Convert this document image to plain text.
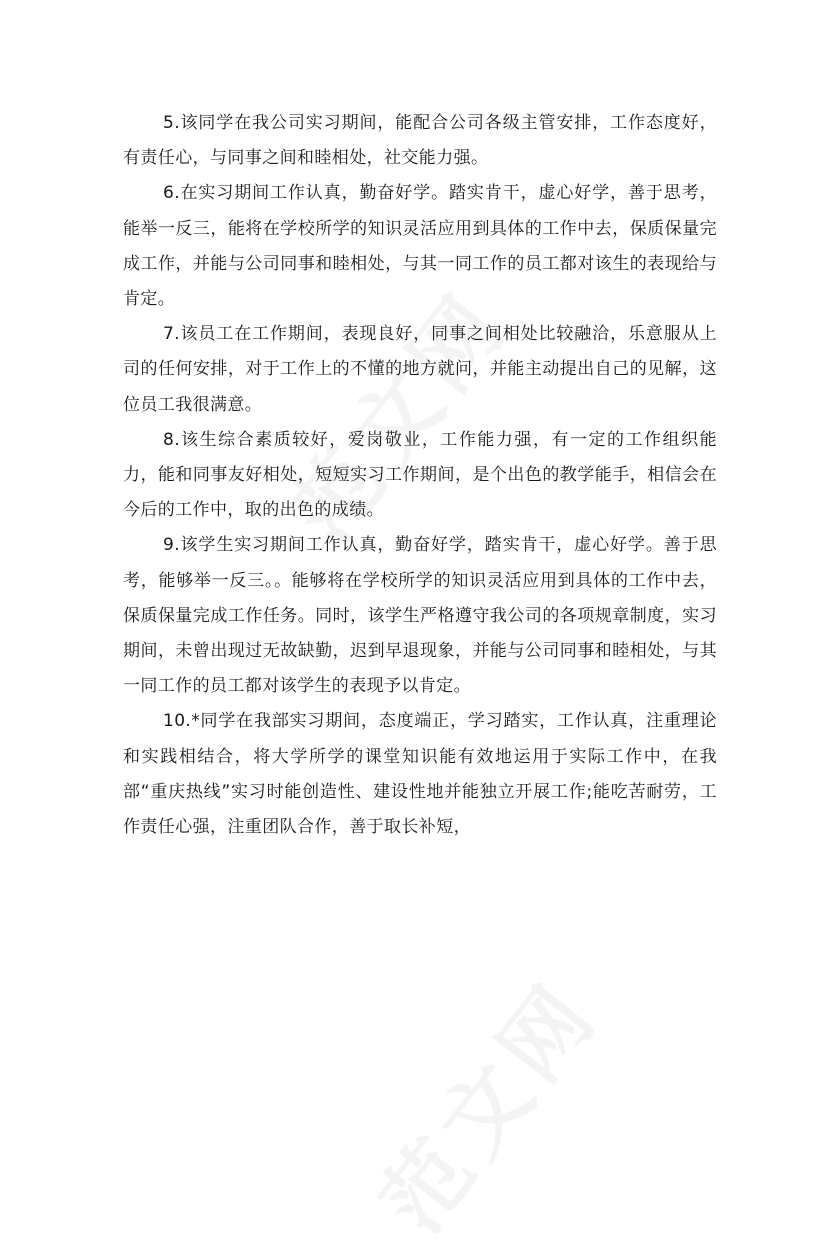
5.该同学在我公司实习期间，能配合公司各级主管安排，工作态度好，有责任心，与同事之间和睦相处，社交能力强。

6.在实习期间工作认真，勤奋好学。踏实肯干，虚心好学，善于思考，能举一反三，能将在学校所学的知识灵活应用到具体的工作中去，保质保量完成工作，并能与公司同事和睦相处，与其一同工作的员工都对该生的表现给与肯定。

7.该员工在工作期间，表现良好，同事之间相处比较融洽，乐意服从上司的任何安排，对于工作上的不懂的地方就问，并能主动提出自己的见解，这位员工我很满意。

8.该生综合素质较好，爱岗敬业，工作能力强，有一定的工作组织能力，能和同事友好相处，短短实习工作期间，是个出色的教学能手，相信会在今后的工作中，取的出色的成绩。

9.该学生实习期间工作认真，勤奋好学，踏实肯干，虚心好学。善于思考，能够举一反三。。能够将在学校所学的知识灵活应用到具体的工作中去，保质保量完成工作任务。同时，该学生严格遵守我公司的各项规章制度，实习期间，未曾出现过无故缺勤，迟到早退现象，并能与公司同事和睦相处，与其一同工作的员工都对该学生的表现予以肯定。

10.*同学在我部实习期间，态度端正，学习踏实，工作认真，注重理论和实践相结合，将大学所学的课堂知识能有效地运用于实际工作中，在我部“重庆热线”实习时能创造性、建设性地并能独立开展工作;能吃苦耐劳，工作责任心强，注重团队合作，善于取长补短，
